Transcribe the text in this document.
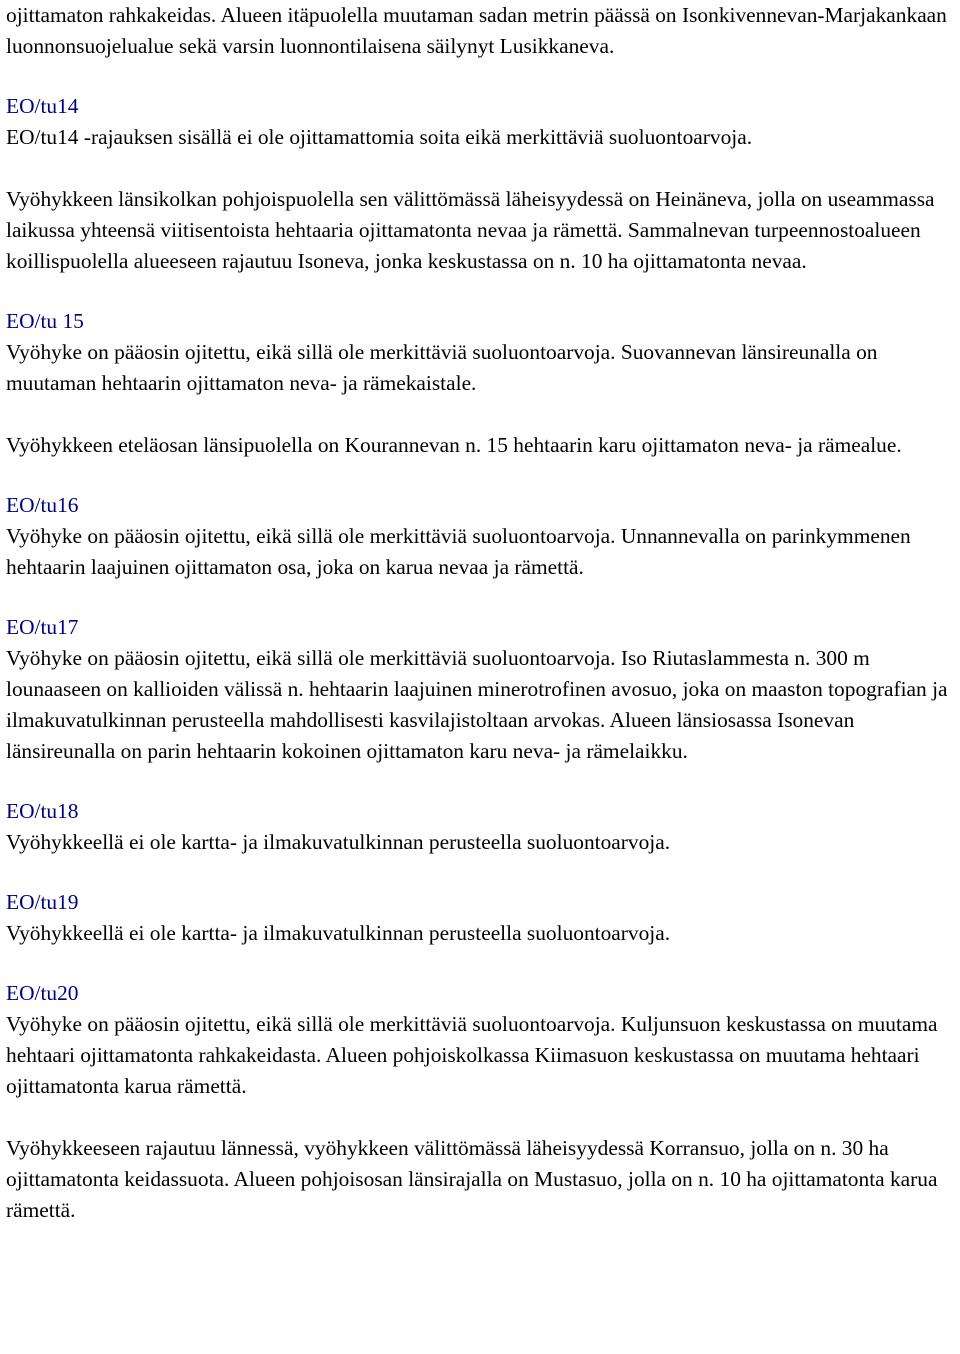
ojittamaton rahkakeidas. Alueen itäpuolella muutaman sadan metrin päässä on Isonkivennevan-Marjakankaan luonnonsuojelualue sekä varsin luonnontilaisena säilynyt Lusikkaneva.

EO/tu14
EO/tu14 -rajauksen sisällä ei ole ojittamattomia soita eikä merkittäviä suoluontoarvoja.

Vyöhykkeen länsikolkan pohjoispuolella sen välittömässä läheisyydessä on Heinäneva, jolla on useammassa laikussa yhteensä viitisentoista hehtaaria ojittamatonta nevaa ja rämettä. Sammalnevan turpeennostoalueen koillispuolella alueeseen rajautuu Isoneva, jonka keskustassa on n. 10 ha ojittamatonta nevaa.

EO/tu 15
Vyöhyke on pääosin ojitettu, eikä sillä ole merkittäviä suoluontoarvoja. Suovannevan länsireunalla on muutaman hehtaarin ojittamaton neva- ja rämekaistale.

Vyöhykkeen eteläosan länsipuolella on Kourannevan n. 15 hehtaarin karu ojittamaton neva- ja rämealue.

EO/tu16
Vyöhyke on pääosin ojitettu, eikä sillä ole merkittäviä suoluontoarvoja. Unnannevalla on parinkymmenen hehtaarin laajuinen ojittamaton osa, joka on karua nevaa ja rämettä.
EO/tu17
Vyöhyke on pääosin ojitettu, eikä sillä ole merkittäviä suoluontoarvoja. Iso Riutaslammesta n. 300 m lounaaseen on kallioiden välissä n. hehtaarin laajuinen minerotrofinen avosuo, joka on maaston topografian ja ilmakuvatulkinnan perusteella mahdollisesti kasvilajistoltaan arvokas. Alueen länsiosassa Isonevan länsireunalla on parin hehtaarin kokoinen ojittamaton karu neva- ja rämelaikku.
EO/tu18
Vyöhykkeellä ei ole kartta- ja ilmakuvatulkinnan perusteella suoluontoarvoja.
EO/tu19
Vyöhykkeellä ei ole kartta- ja ilmakuvatulkinnan perusteella suoluontoarvoja.
EO/tu20
Vyöhyke on pääosin ojitettu, eikä sillä ole merkittäviä suoluontoarvoja. Kuljunsuon keskustassa on muutama hehtaari ojittamatonta rahkakeidasta. Alueen pohjoiskolkassa Kiimasuon keskustassa on muutama hehtaari ojittamatonta karua rämettä.

Vyöhykkeeseen rajautuu lännessä, vyöhykkeen välittömässä läheisyydessä Korransuo, jolla on n. 30 ha ojittamatonta keidassuota. Alueen pohjoisosan länsirajalla on Mustasuo, jolla on n. 10 ha ojittamatonta karua rämettä.
